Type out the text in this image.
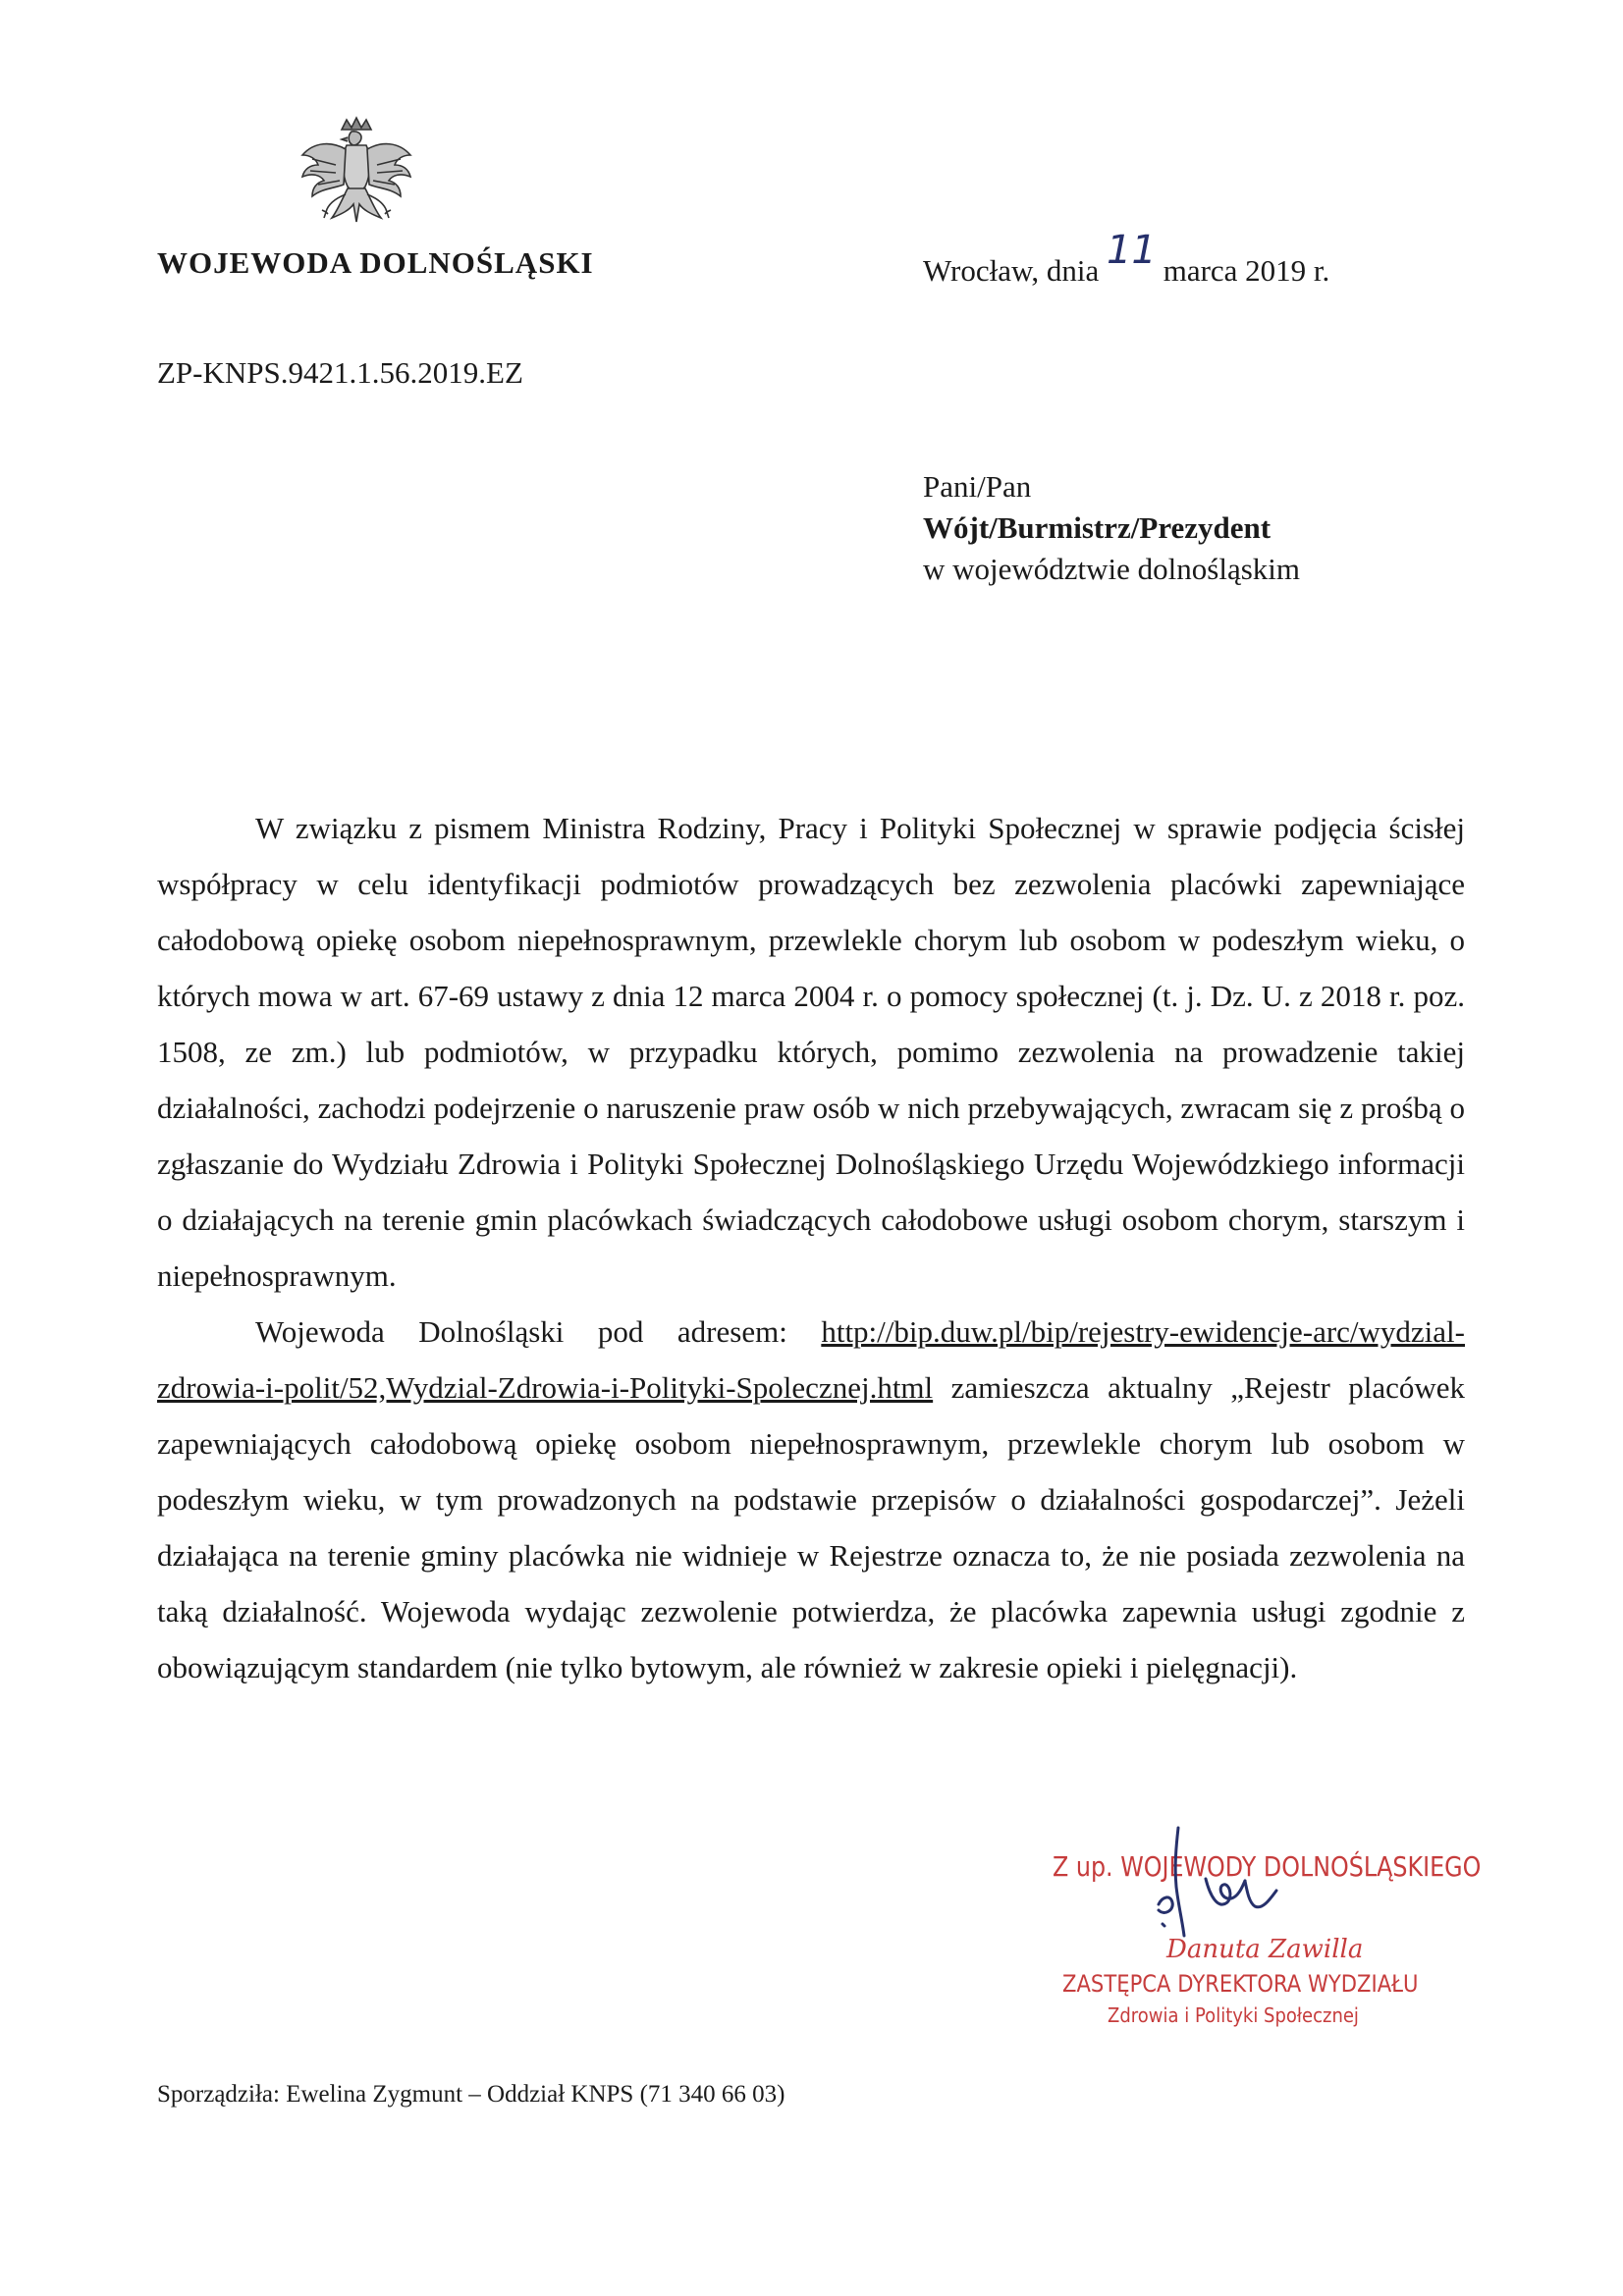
WOJEWODA DOLNOŚLĄSKI	Wrocław, dnia 11 marca 2019 r.
ZP-KNPS.9421.1.56.2019.EZ
Pani/Pan
Wójt/Burmistrz/Prezydent
w województwie dolnośląskim

W związku z pismem Ministra Rodziny, Pracy i Polityki Społecznej w sprawie podjęcia ścisłej współpracy w celu identyfikacji podmiotów prowadzących bez zezwolenia placówki zapewniające całodobową opiekę osobom niepełnosprawnym, przewlekle chorym lub osobom w podeszłym wieku, o których mowa w art. 67-69 ustawy z dnia 12 marca 2004 r. o pomocy społecznej (t. j. Dz. U. z 2018 r. poz. 1508, ze zm.) lub podmiotów, w przypadku których, pomimo zezwolenia na prowadzenie takiej działalności, zachodzi podejrzenie o naruszenie praw osób w nich przebywających, zwracam się z prośbą o zgłaszanie do Wydziału Zdrowia i Polityki Społecznej Dolnośląskiego Urzędu Wojewódzkiego informacji o działających na terenie gmin placówkach świadczących całodobowe usługi osobom chorym, starszym i niepełnosprawnym.

Wojewoda Dolnośląski pod adresem: http://bip.duw.pl/bip/rejestry-ewidencje-arc/wydzial-zdrowia-i-polit/52,Wydzial-Zdrowia-i-Polityki-Spolecznej.html zamieszcza aktualny „Rejestr placówek zapewniających całodobową opiekę osobom niepełnosprawnym, przewlekle chorym lub osobom w podeszłym wieku, w tym prowadzonych na podstawie przepisów o działalności gospodarczej”. Jeżeli działająca na terenie gminy placówka nie widnieje w Rejestrze oznacza to, że nie posiada zezwolenia na taką działalność. Wojewoda wydając zezwolenie potwierdza, że placówka zapewnia usługi zgodnie z obowiązującym standardem (nie tylko bytowym, ale również w zakresie opieki i pielęgnacji).

Z up. WOJEWODY DOLNOŚLĄSKIEGO
Danuta Zawilla
ZASTĘPCA DYREKTORA WYDZIAŁU
Zdrowia i Polityki Społecznej
Sporządziła: Ewelina Zygmunt – Oddział KNPS (71 340 66 03)
